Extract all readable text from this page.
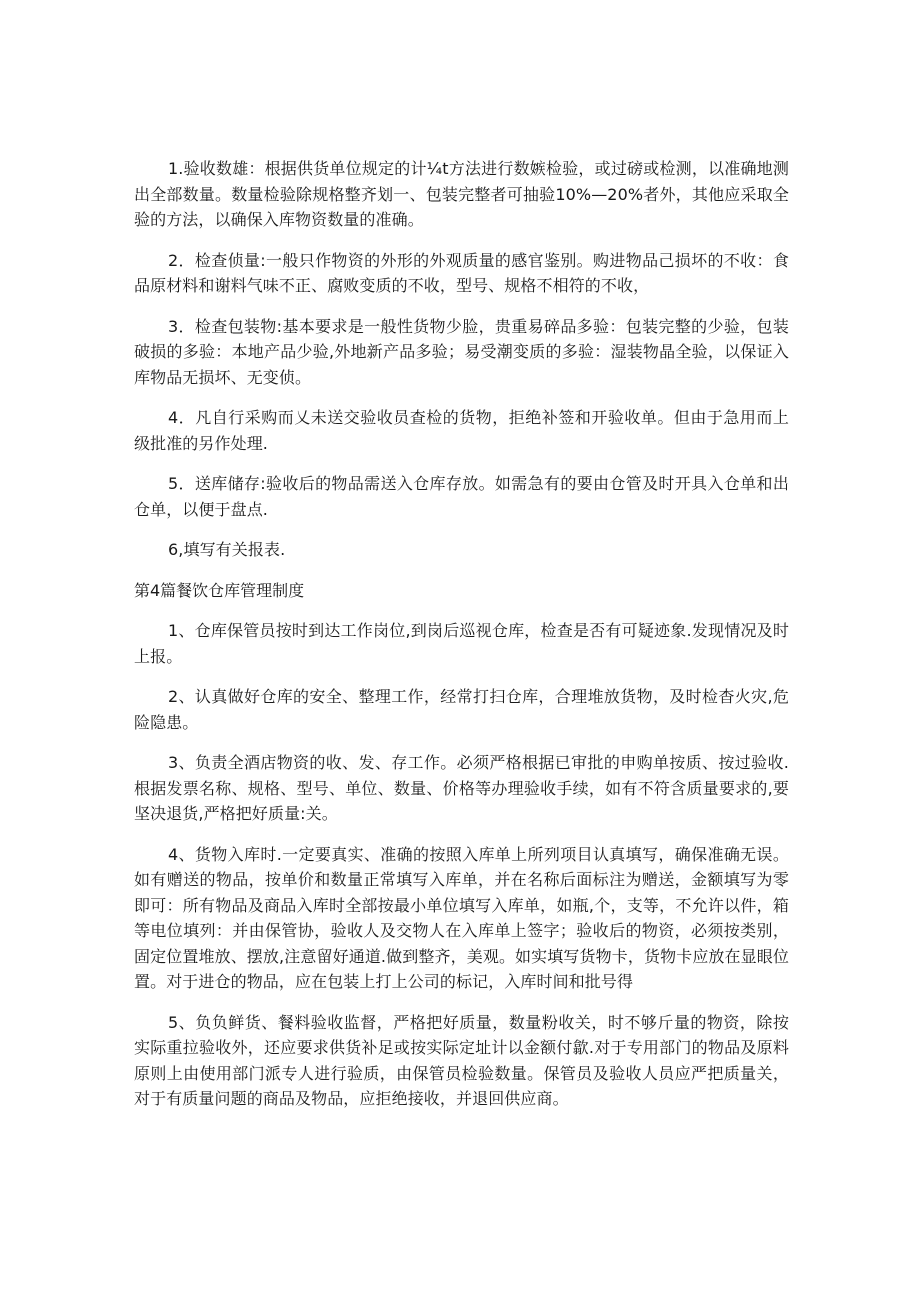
1.验收数雄：根据供货单位规定的计¼t方法进行数嫉检验，或过磅或检测，以准确地测出全部数量。数量检验除规格整齐划一、包装完整者可抽验10%—20%者外，其他应采取全验的方法，以确保入库物资数量的准确。

2．检查侦量:一般只作物资的外形的外观质量的感官鉴别。购进物品己损坏的不收：食品原材料和谢料气味不正、腐败变质的不收，型号、规格不相符的不收，

3．检查包装物:基本要求是一般性货物少脸，贵重易碎品多验：包装完整的少验，包装破损的多验：本地产品少验,外地新产品多验；易受潮变质的多验：湿装物晶全验，以保证入库物品无损坏、无变侦。

4．凡自行采购而乂未送交验收员查检的货物，拒绝补签和开验收单。但由于急用而上级批准的另作处理.

5．送库储存:验收后的物品需送入仓库存放。如需急有的要由仓管及时开具入仓单和出仓单，以便于盘点.

6,填写有关报表.

第4篇餐饮仓库管理制度

1、仓库保管员按时到达工作岗位,到岗后巡视仓库，检查是否有可疑迹象.发现情况及时上报。

2、认真做好仓库的安全、整理工作，经常打扫仓库，合理堆放货物，及时检杳火灾,危险隐患。

3、负责全酒店物资的收、发、存工作。必须严格根据已审批的申购单按质、按过验收.根据发票名称、规格、型号、单位、数量、价格等办理验收手续，如有不符含质量要求的,要坚决退货,严格把好质量:关。

4、货物入库时.一定要真实、准确的按照入库单上所列项目认真填写，确保准确无误。如有赠送的物品，按单价和数量正常填写入库单，并在名称后面标注为赠送，金额填写为零即可：所有物品及商品入库时全部按最小单位填写入库单，如瓶,个，支等，不允许以件，箱等电位填列：并由保管协，验收人及交物人在入库单上签字；验收后的物资，必须按类别，固定位置堆放、摆放,注意留好通道.做到整齐，美观。如实填写货物卡，货物卡应放在显眼位置。对于进仓的物品，应在包装上打上公司的标记，入库时间和批号得

5、负负鲜货、餐料验收监督，严格把好质量，数量粉收关，时不够斤量的物资，除按实际重拉验收外，还应要求供货补足或按实际定址计以金额付歙.对于专用部门的物品及原料原则上由使用部门派专人进行验质，由保管员检验数量。保管员及验收人员应严把质量关，对于有质量问题的商品及物品，应拒绝接收，并退回供应商。
